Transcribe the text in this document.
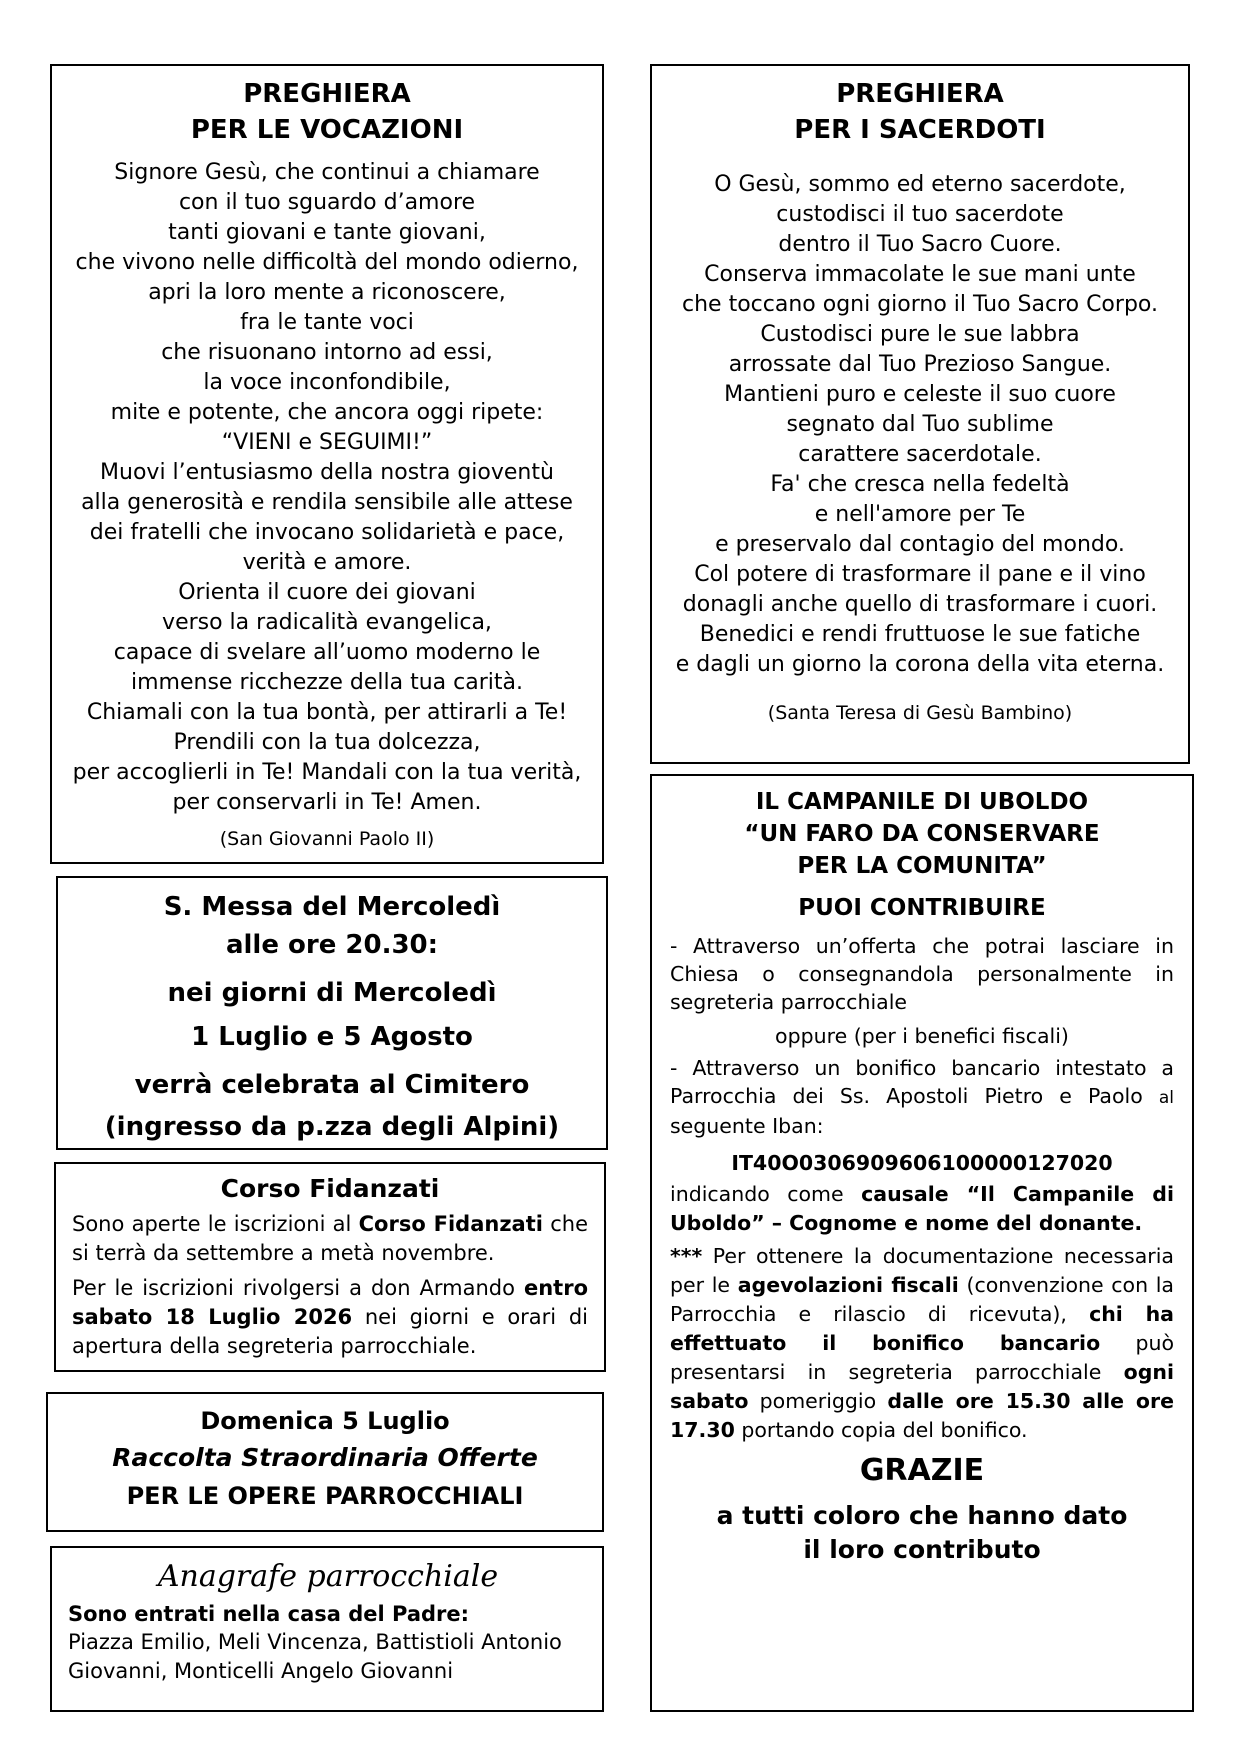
PREGHIERA
PER LE VOCAZIONI
Signore Gesù, che continui a chiamare
con il tuo sguardo d’amore
tanti giovani e tante giovani,
che vivono nelle difficoltà del mondo odierno,
apri la loro mente a riconoscere,
fra le tante voci
che risuonano intorno ad essi,
la voce inconfondibile,
mite e potente, che ancora oggi ripete:
“VIENI e SEGUIMI!”
Muovi l’entusiasmo della nostra gioventù
alla generosità e rendila sensibile alle attese
dei fratelli che invocano solidarietà e pace,
verità e amore.
Orienta il cuore dei giovani
verso la radicalità evangelica,
capace di svelare all’uomo moderno le
immense ricchezze della tua carità.
Chiamali con la tua bontà, per attirarli a Te!
Prendili con la tua dolcezza,
per accoglierli in Te! Mandali con la tua verità,
per conservarli in Te! Amen.
(San Giovanni Paolo II)
PREGHIERA
PER I SACERDOTI
O Gesù, sommo ed eterno sacerdote,
custodisci il tuo sacerdote
dentro il Tuo Sacro Cuore.
Conserva immacolate le sue mani unte
che toccano ogni giorno il Tuo Sacro Corpo.
Custodisci pure le sue labbra
arrossate dal Tuo Prezioso Sangue.
Mantieni puro e celeste il suo cuore
segnato dal Tuo sublime
carattere sacerdotale.
Fa' che cresca nella fedeltà
e nell'amore per Te
e preservalo dal contagio del mondo.
Col potere di trasformare il pane e il vino
donagli anche quello di trasformare i cuori.
Benedici e rendi fruttuose le sue fatiche
e dagli un giorno la corona della vita eterna.
(Santa Teresa di Gesù Bambino)
S. Messa del Mercoledì
alle ore 20.30:
nei giorni di Mercoledì
1 Luglio e 5 Agosto
verrà celebrata al Cimitero
(ingresso da p.zza degli Alpini)
Corso Fidanzati

Sono aperte le iscrizioni al Corso Fidanzati che si terrà da settembre a metà novembre.

Per le iscrizioni rivolgersi a don Armando entro sabato 18 Luglio 2026 nei giorni e orari di apertura della segreteria parrocchiale.

Domenica 5 Luglio
Raccolta Straordinaria Offerte
PER LE OPERE PARROCCHIALI
Anagrafe parrocchiale
Sono entrati nella casa del Padre:
Piazza Emilio, Meli Vincenza, Battistioli Antonio Giovanni, Monticelli Angelo Giovanni
IL CAMPANILE DI UBOLDO
“UN FARO DA CONSERVARE
PER LA COMUNITA”
PUOI CONTRIBUIRE

- Attraverso un’offerta che potrai lasciare in Chiesa o consegnandola personalmente in segreteria parrocchiale

oppure (per i benefici fiscali)

- Attraverso un bonifico bancario intestato a Parrocchia dei Ss. Apostoli Pietro e Paolo al seguente Iban:

IT40O0306909606100000127020

indicando come causale “Il Campanile di Uboldo” – Cognome e nome del donante.

*** Per ottenere la documentazione necessaria per le agevolazioni fiscali (convenzione con la Parrocchia e rilascio di ricevuta), chi ha effettuato il bonifico bancario può presentarsi in segreteria parrocchiale ogni sabato pomeriggio dalle ore 15.30 alle ore 17.30 portando copia del bonifico.

GRAZIE
a tutti coloro che hanno dato
il loro contributo
